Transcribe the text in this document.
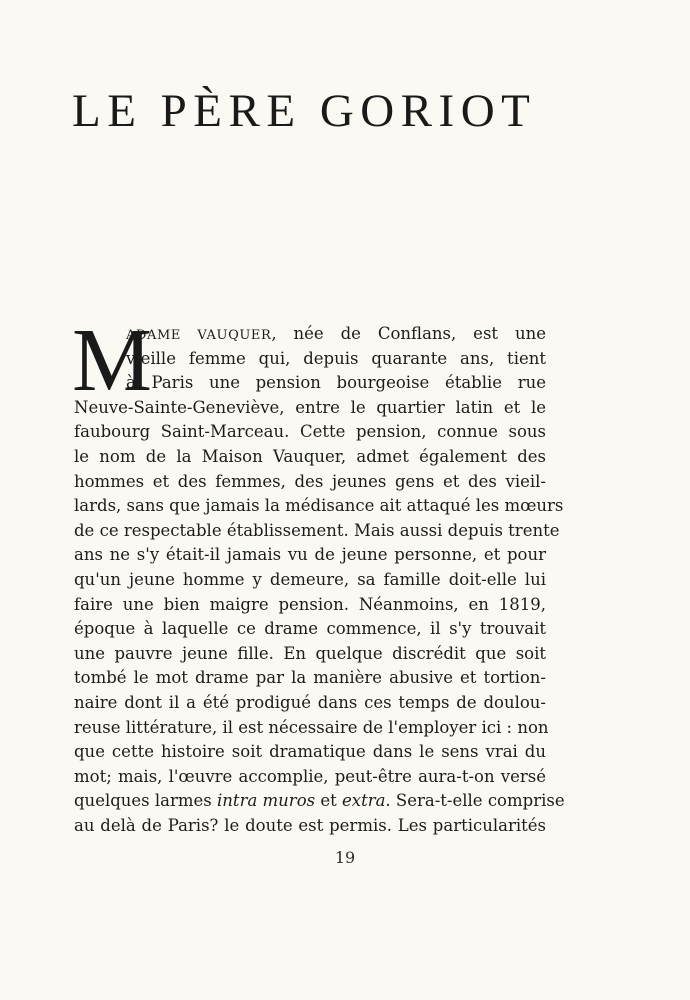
LE PÈRE GORIOT
M
ADAME VAUQUER, née de Conflans, est une
vieille femme qui, depuis quarante ans, tient
à Paris une pension bourgeoise établie rue
Neuve-Sainte-Geneviève, entre le quartier latin et le
faubourg Saint-Marceau. Cette pension, connue sous
le nom de la Maison Vauquer, admet également des
hommes et des femmes, des jeunes gens et des vieil-
lards, sans que jamais la médisance ait attaqué les mœurs
de ce respectable établissement. Mais aussi depuis trente
ans ne s'y était-il jamais vu de jeune personne, et pour
qu'un jeune homme y demeure, sa famille doit-elle lui
faire une bien maigre pension. Néanmoins, en 1819,
époque à laquelle ce drame commence, il s'y trouvait
une pauvre jeune fille. En quelque discrédit que soit
tombé le mot drame par la manière abusive et tortion-
naire dont il a été prodigué dans ces temps de doulou-
reuse littérature, il est nécessaire de l'employer ici : non
que cette histoire soit dramatique dans le sens vrai du
mot; mais, l'œuvre accomplie, peut-être aura-t-on versé
quelques larmes intra muros et extra. Sera-t-elle comprise
au delà de Paris? le doute est permis. Les particularités
19
